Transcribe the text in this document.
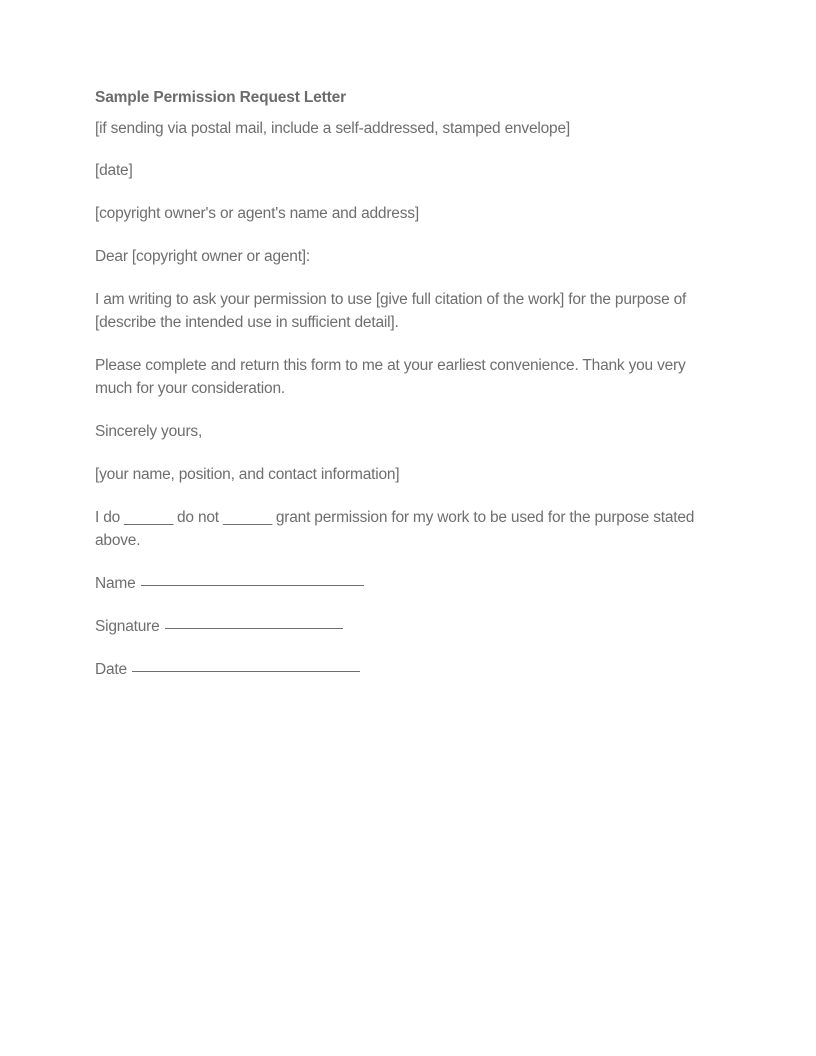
Sample Permission Request Letter

[if sending via postal mail, include a self-addressed, stamped envelope]

[date]

[copyright owner's or agent's name and address]

Dear [copyright owner or agent]:

I am writing to ask your permission to use [give full citation of the work] for the purpose of [describe the intended use in sufficient detail].

Please complete and return this form to me at your earliest convenience. Thank you very much for your consideration.

Sincerely yours,

[your name, position, and contact information]

I do ______ do not ______ grant permission for my work to be used for the purpose stated above.

Name
Signature
Date
